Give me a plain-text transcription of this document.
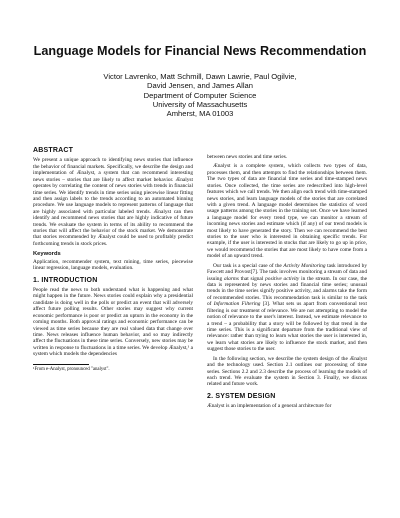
Language Models for Financial News Recommendation
Victor Lavrenko, Matt Schmill, Dawn Lawrie, Paul Ogilvie,
David Jensen, and James Allan
Department of Computer Science
University of Massachusetts
Amherst, MA 01003
ABSTRACT

We present a unique approach to identifying news stories that influence the behavior of financial markets. Specifically, we describe the design and implementation of Ænalyst, a system that can recommend interesting news stories – stories that are likely to affect market behavior. Ænalyst operates by correlating the content of news stories with trends in financial time series. We identify trends in time series using piecewise linear fitting and then assign labels to the trends according to an automated binning procedure. We use language models to represent patterns of language that are highly associated with particular labeled trends. Ænalyst can then identify and recommend news stories that are highly indicative of future trends. We evaluate the system in terms of its ability to recommend the stories that will affect the behavior of the stock market. We demonstrate that stories recommended by Ænalyst could be used to profitably predict forthcoming trends in stock prices.

Keywords

Application, recommender system, text mining, time series, piecewise linear regression, language models, evaluation.

1. INTRODUCTION

People read the news to both understand what is happening and what might happen in the future. News stories could explain why a presidential candidate is doing well in the polls or predict an event that will adversely affect future polling results. Other stories may suggest why current economic performance is poor or predict an upturn in the economy in the coming months. Both approval ratings and economic performance can be viewed as time series because they are real valued data that change over time. News releases influence human behavior, and so may indirectly affect the fluctuations in these time series. Conversely, new stories may be written in response to fluctuations in a time series. We develop Ænalyst,¹ a system which models the dependencies

¹From e-Analyst, pronounced "analyst".

between news stories and time series.

Ænalyst is a complete system, which collects two types of data, processes them, and then attempts to find the relationships between them. The two types of data are financial time series and time-stamped news stories. Once collected, the time series are redescribed into high-level features which we call trends. We then align each trend with time-stamped news stories, and learn language models of the stories that are correlated with a given trend. A language model determines the statistics of word usage patterns among the stories in the training set. Once we have learned a language model for every trend type, we can monitor a stream of incoming news stories and estimate which (if any) of our trend models is most likely to have generated the story. Then we can recommend the best stories to the user who is interested in obtaining specific trends. For example, if the user is interested in stocks that are likely to go up in price, we would recommend the stories that are most likely to have come from a model of an upward trend.

Our task is a special case of the Activity Monitoring task introduced by Fawcett and Provost[7]. The task involves monitoring a stream of data and issuing alarms that signal positive activity in the stream. In our case, the data is represented by news stories and financial time series; unusual trends in the time series signify positive activity, and alarms take the form of recommended stories. This recommendation task is similar to the task of Information Filtering [3]. What sets us apart from conventional text filtering is our treatment of relevance. We are not attempting to model the notion of relevance to the user's interest. Instead, we estimate relevance to a trend – a probability that a story will be followed by that trend in the time series. This is a significant departure from the traditional view of relevance: rather than trying to learn what stories the user is interested in, we learn what stories are likely to influence the stock market, and then suggest those stories to the user.

In the following section, we describe the system design of the Ænalyst and the technology used. Section 2.1 outlines our processing of time series. Sections 2.2 and 2.3 describe the process of learning the models of each trend. We evaluate the system in Section 3. Finally, we discuss related and future work.

2. SYSTEM DESIGN

Ænalyst is an implementation of a general architecture for
